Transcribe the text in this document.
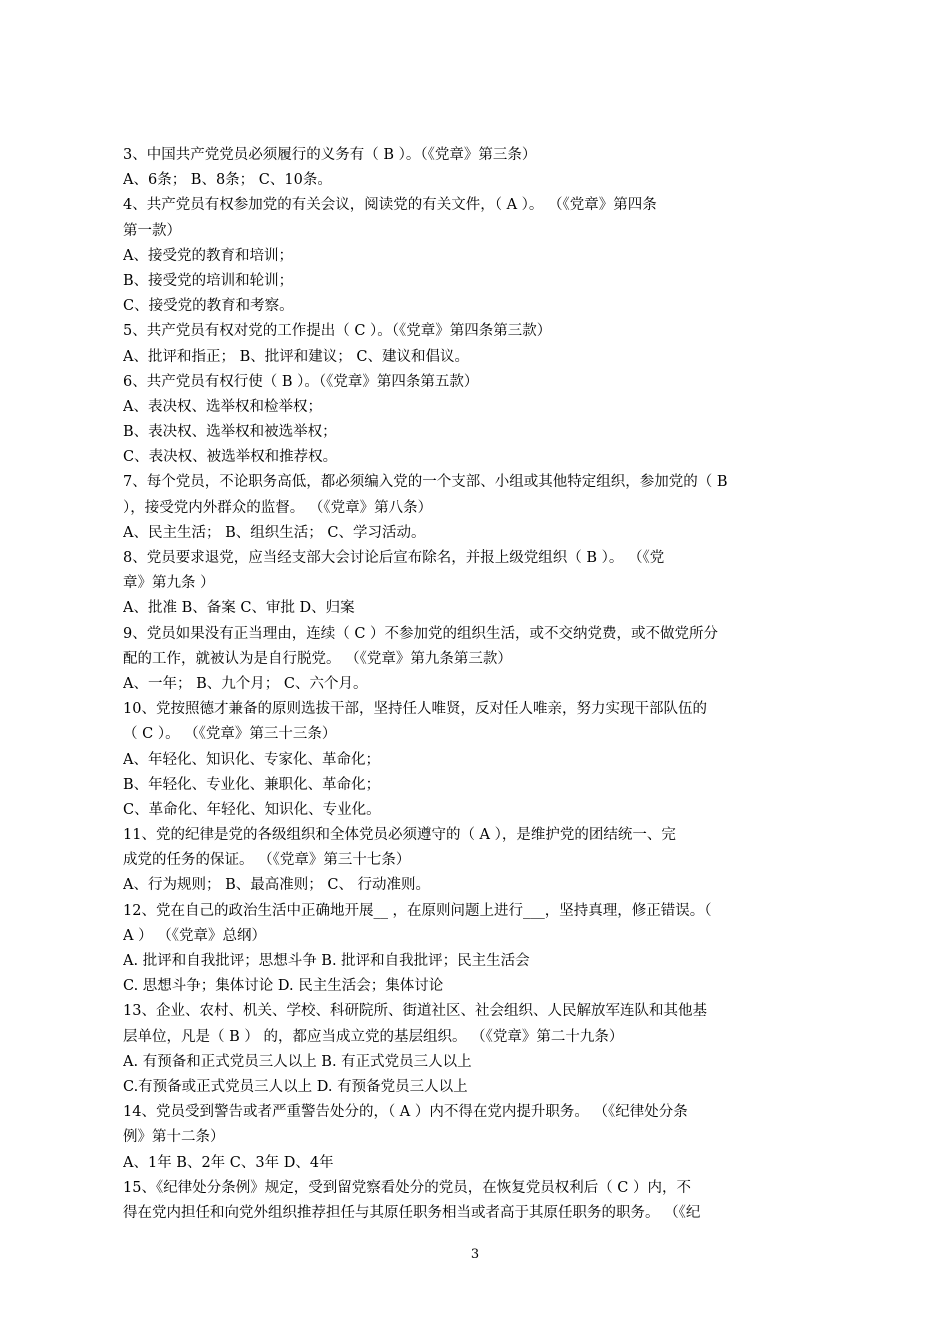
3、中国共产党党员必须履行的义务有（ B ）。（《党章》第三条）
A、6条； B、8条； C、10条。
4、共产党员有权参加党的有关会议，阅读党的有关文件，（ A ）。 （《党章》第四条
第一款）
A、接受党的教育和培训；
B、接受党的培训和轮训；
C、接受党的教育和考察。
5、共产党员有权对党的工作提出（ C ）。（《党章》第四条第三款）
A、批评和指正； B、批评和建议； C、建议和倡议。
6、共产党员有权行使（ B ）。（《党章》第四条第五款）
A、表决权、选举权和检举权；
B、表决权、选举权和被选举权；
C、表决权、被选举权和推荐权。
7、每个党员，不论职务高低，都必须编入党的一个支部、小组或其他特定组织，参加党的（ B
），接受党内外群众的监督。 （《党章》第八条）
A、民主生活； B、组织生活； C、学习活动。
8、党员要求退党，应当经支部大会讨论后宣布除名，并报上级党组织（ B ）。 （《党
章》第九条 ）
A、批准 B、备案 C、审批 D、归案
9、党员如果没有正当理由，连续（ C ）不参加党的组织生活，或不交纳党费，或不做党所分
配的工作，就被认为是自行脱党。 （《党章》第九条第三款）
A、一年； B、九个月； C、六个月。
10、党按照德才兼备的原则选拔干部，坚持任人唯贤，反对任人唯亲，努力实现干部队伍的
（ C ）。 （《党章》第三十三条）
A、年轻化、知识化、专家化、革命化；
B、年轻化、专业化、兼职化、革命化；
C、革命化、年轻化、知识化、专业化。
11、党的纪律是党的各级组织和全体党员必须遵守的（ A ），是维护党的团结统一、完
成党的任务的保证。 （《党章》第三十七条）
A、行为规则； B、最高准则； C、 行动准则。
12、党在自己的政治生活中正确地开展__ ，在原则问题上进行___，坚持真理，修正错误。（
A ） （《党章》总纲）
A. 批评和自我批评；思想斗争 B. 批评和自我批评；民主生活会
C. 思想斗争；集体讨论 D. 民主生活会；集体讨论
13、企业、农村、机关、学校、科研院所、街道社区、社会组织、人民解放军连队和其他基
层单位，凡是（ B ） 的，都应当成立党的基层组织。 （《党章》第二十九条）
A. 有预备和正式党员三人以上 B. 有正式党员三人以上
C.有预备或正式党员三人以上 D. 有预备党员三人以上
14、党员受到警告或者严重警告处分的，（ A ）内不得在党内提升职务。 （《纪律处分条
例》第十二条）
A、1年 B、2年 C、3年 D、4年
15、《纪律处分条例》规定，受到留党察看处分的党员，在恢复党员权利后（ C ）内，不
得在党内担任和向党外组织推荐担任与其原任职务相当或者高于其原任职务的职务。 （《纪
3
